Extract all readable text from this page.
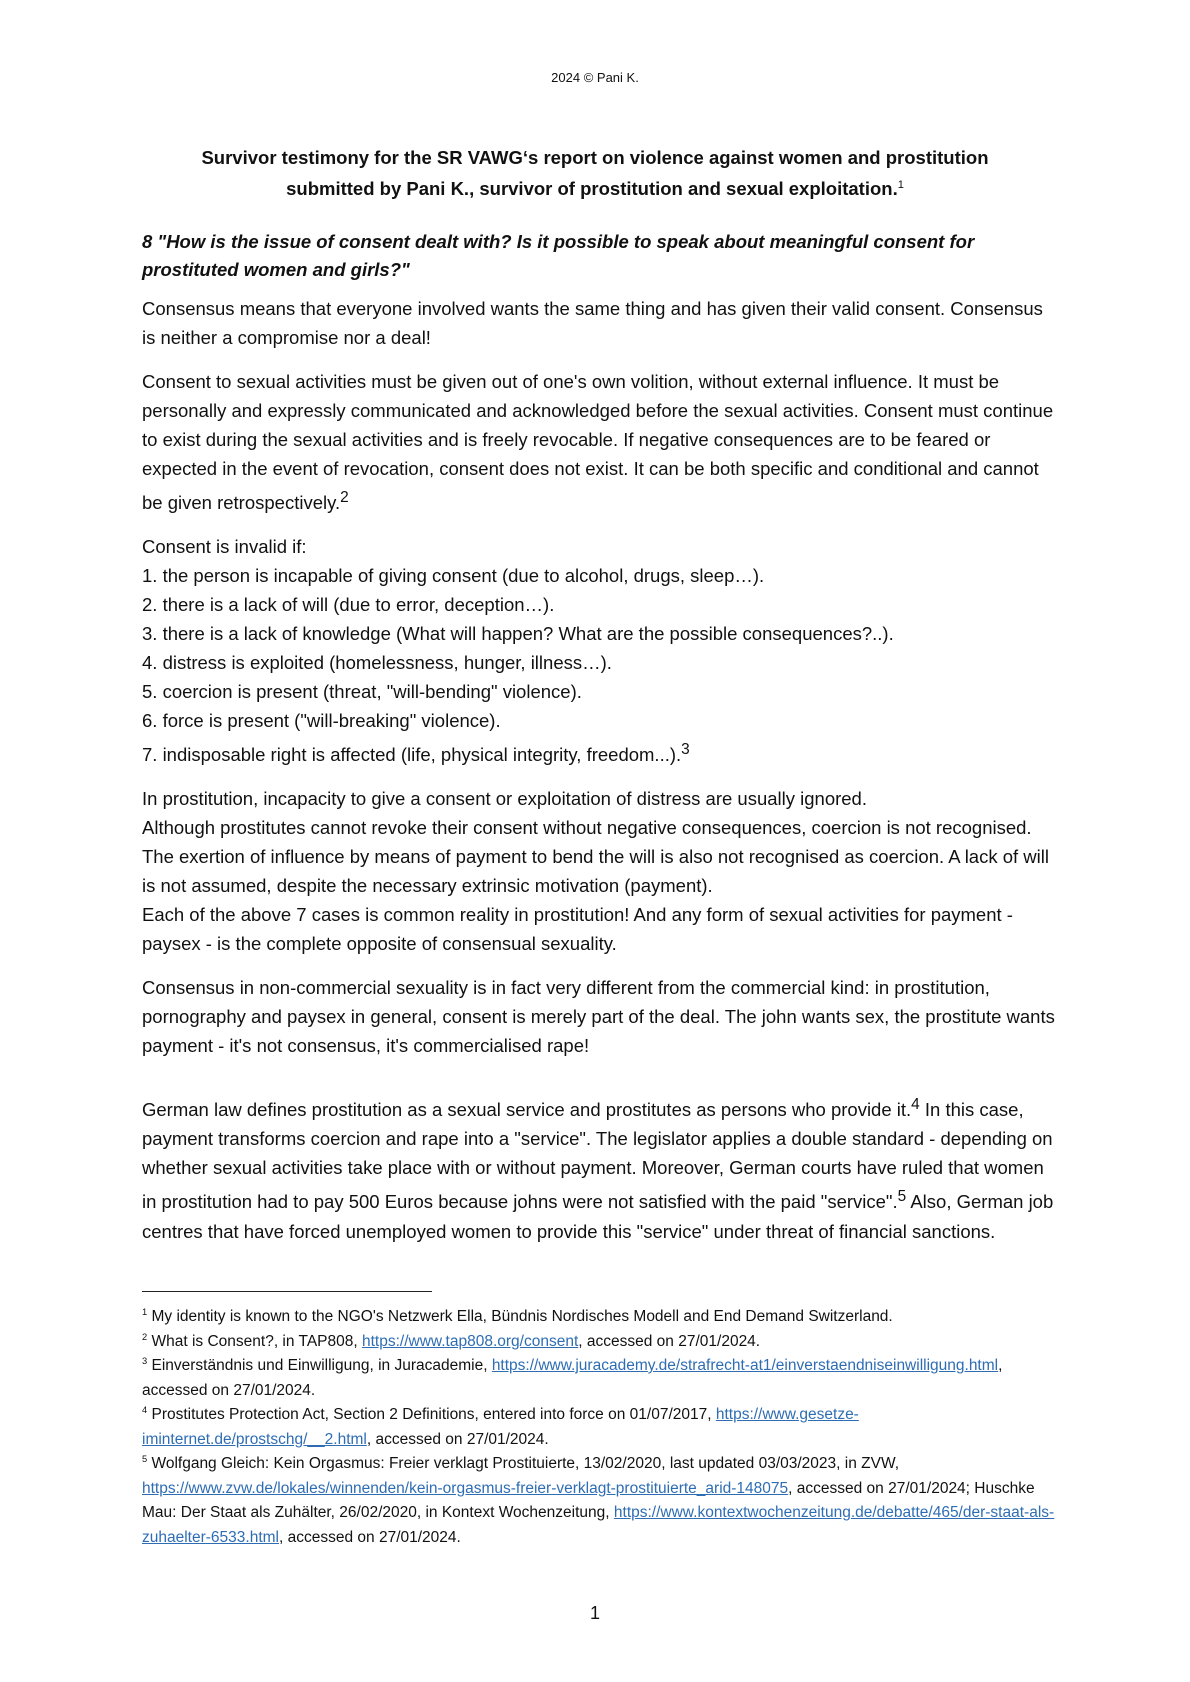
2024 © Pani K.
Survivor testimony for the SR VAWG‘s report on violence against women and prostitution
submitted by Pani K., survivor of prostitution and sexual exploitation.$^1$

8 "How is the issue of consent dealt with? Is it possible to speak about meaningful consent for prostituted women and girls?"

Consensus means that everyone involved wants the same thing and has given their valid consent. Consensus is neither a compromise nor a deal!

Consent to sexual activities must be given out of one's own volition, without external influence. It must be personally and expressly communicated and acknowledged before the sexual activities. Consent must continue to exist during the sexual activities and is freely revocable. If negative consequences are to be feared or expected in the event of revocation, consent does not exist. It can be both specific and conditional and cannot be given retrospectively.$^2$

Consent is invalid if:
1. the person is incapable of giving consent (due to alcohol, drugs, sleep…).
2. there is a lack of will (due to error, deception…).
3. there is a lack of knowledge (What will happen? What are the possible consequences?..).
4. distress is exploited (homelessness, hunger, illness…).
5. coercion is present (threat, "will-bending" violence).
6. force is present ("will-breaking" violence).
7. indisposable right is affected (life, physical integrity, freedom...).$^3$
In prostitution, incapacity to give a consent or exploitation of distress are usually ignored.
Although prostitutes cannot revoke their consent without negative consequences, coercion is not recognised. The exertion of influence by means of payment to bend the will is also not recognised as coercion. A lack of will is not assumed, despite the necessary extrinsic motivation (payment).
Each of the above 7 cases is common reality in prostitution! And any form of sexual activities for payment - paysex - is the complete opposite of consensual sexuality.

Consensus in non-commercial sexuality is in fact very different from the commercial kind: in prostitution, pornography and paysex in general, consent is merely part of the deal. The john wants sex, the prostitute wants payment - it's not consensus, it's commercialised rape!

German law defines prostitution as a sexual service and prostitutes as persons who provide it.$^4$ In this case, payment transforms coercion and rape into a "service". The legislator applies a double standard - depending on whether sexual activities take place with or without payment. Moreover, German courts have ruled that women in prostitution had to pay 500 Euros because johns were not satisfied with the paid "service".$^5$ Also, German job centres that have forced unemployed women to provide this "service" under threat of financial sanctions.

$^1$ My identity is known to the NGO's Netzwerk Ella, Bündnis Nordisches Modell and End Demand Switzerland.

$^2$ What is Consent?, in TAP808, https://www.tap808.org/consent, accessed on 27/01/2024.

$^3$ Einverständnis und Einwilligung, in Juracademie, https://www.juracademy.de/strafrecht-at1/einverstaendniseinwilligung.html, accessed on 27/01/2024.

$^4$ Prostitutes Protection Act, Section 2 Definitions, entered into force on 01/07/2017, https://www.gesetze-iminternet.de/prostschg/__2.html, accessed on 27/01/2024.

$^5$ Wolfgang Gleich: Kein Orgasmus: Freier verklagt Prostituierte, 13/02/2020, last updated 03/03/2023, in ZVW, https://www.zvw.de/lokales/winnenden/kein-orgasmus-freier-verklagt-prostituierte_arid-148075, accessed on 27/01/2024; Huschke Mau: Der Staat als Zuhälter, 26/02/2020, in Kontext Wochenzeitung, https://www.kontextwochenzeitung.de/debatte/465/der-staat-als-zuhaelter-6533.html, accessed on 27/01/2024.

1
